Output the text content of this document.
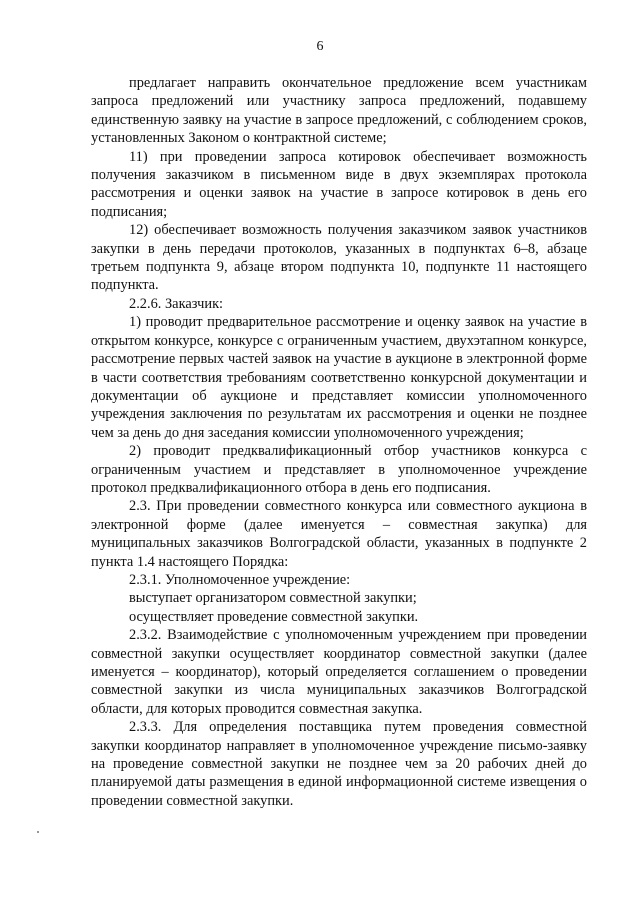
6

предлагает направить окончательное предложение всем участникам запроса предложений или участнику запроса предложений, подавшему единственную заявку на участие в запросе предложений, с соблюдением сроков, установленных Законом о контрактной системе;

11) при проведении запроса котировок обеспечивает возможность получения заказчиком в письменном виде в двух экземплярах протокола рассмотрения и оценки заявок на участие в запросе котировок в день его подписания;

12) обеспечивает возможность получения заказчиком заявок участников закупки в день передачи протоколов, указанных в подпунктах 6–8, абзаце третьем подпункта 9, абзаце втором подпункта 10, подпункте 11 настоящего подпункта.

2.2.6. Заказчик:

1) проводит предварительное рассмотрение и оценку заявок на участие в открытом конкурсе, конкурсе с ограниченным участием, двухэтапном конкурсе, рассмотрение первых частей заявок на участие в аукционе в электронной форме в части соответствия требованиям соответственно конкурсной документации и документации об аукционе и представляет комиссии уполномоченного учреждения заключения по результатам их рассмотрения и оценки не позднее чем за день до дня заседания комиссии уполномоченного учреждения;

2) проводит предквалификационный отбор участников конкурса с ограниченным участием и представляет в уполномоченное учреждение протокол предквалификационного отбора в день его подписания.

2.3. При проведении совместного конкурса или совместного аукциона в электронной форме (далее именуется – совместная закупка) для муниципальных заказчиков Волгоградской области, указанных в подпункте 2 пункта 1.4 настоящего Порядка:

2.3.1. Уполномоченное учреждение:

выступает организатором совместной закупки;

осуществляет проведение совместной закупки.

2.3.2. Взаимодействие с уполномоченным учреждением при проведении совместной закупки осуществляет координатор совместной закупки (далее именуется – координатор), который определяется соглашением о проведении совместной закупки из числа муниципальных заказчиков Волгоградской области, для которых проводится совместная закупка.

2.3.3. Для определения поставщика путем проведения совместной закупки координатор направляет в уполномоченное учреждение письмо-заявку на проведение совместной закупки не позднее чем за 20 рабочих дней до планируемой даты размещения в единой информационной системе извещения о проведении совместной закупки.
